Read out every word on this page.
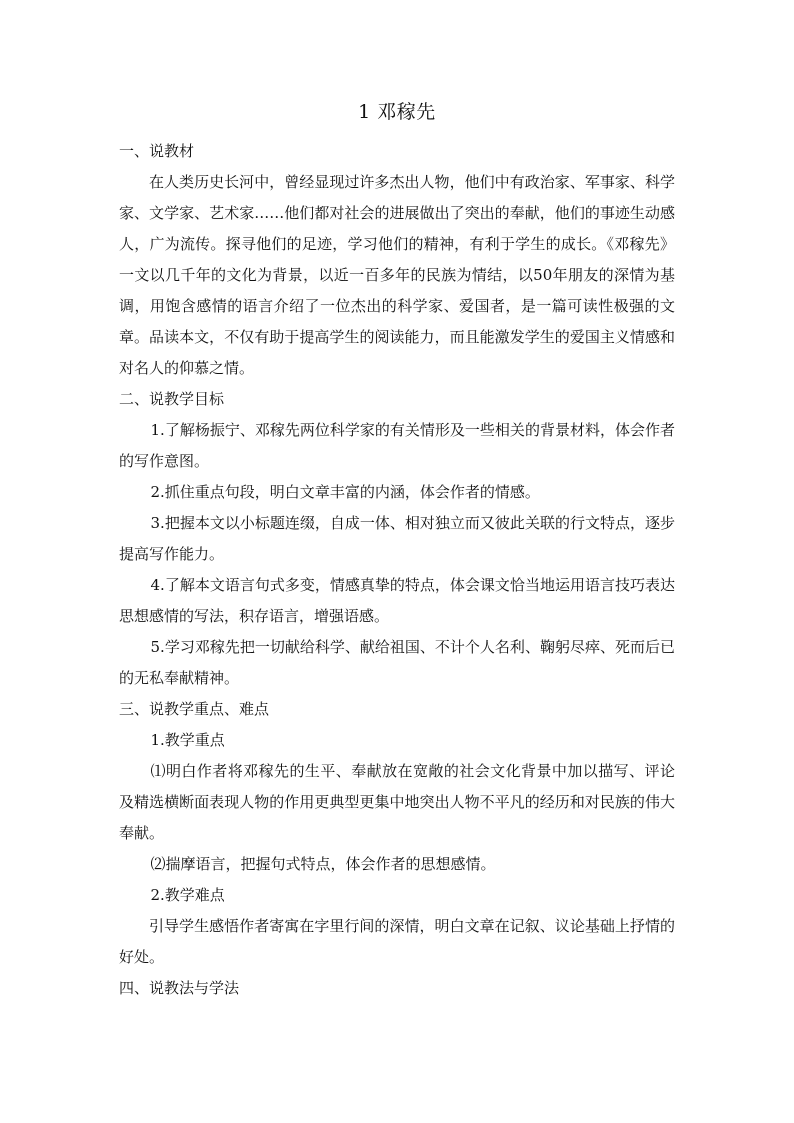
1 邓稼先

一、说教材

在人类历史长河中，曾经显现过许多杰出人物，他们中有政治家、军事家、科学家、文学家、艺术家……他们都对社会的进展做出了突出的奉献，他们的事迹生动感人，广为流传。探寻他们的足迹，学习他们的精神，有利于学生的成长。《邓稼先》一文以几千年的文化为背景，以近一百多年的民族为情结，以50年朋友的深情为基调，用饱含感情的语言介绍了一位杰出的科学家、爱国者，是一篇可读性极强的文章。品读本文，不仅有助于提高学生的阅读能力，而且能激发学生的爱国主义情感和对名人的仰慕之情。

二、说教学目标

1.了解杨振宁、邓稼先两位科学家的有关情形及一些相关的背景材料，体会作者的写作意图。

2.抓住重点句段，明白文章丰富的内涵，体会作者的情感。

3.把握本文以小标题连缀，自成一体、相对独立而又彼此关联的行文特点，逐步提高写作能力。

4.了解本文语言句式多变，情感真挚的特点，体会课文恰当地运用语言技巧表达思想感情的写法，积存语言，增强语感。

5.学习邓稼先把一切献给科学、献给祖国、不计个人名利、鞠躬尽瘁、死而后已的无私奉献精神。

三、说教学重点、难点

1.教学重点

⑴明白作者将邓稼先的生平、奉献放在宽敞的社会文化背景中加以描写、评论及精选横断面表现人物的作用更典型更集中地突出人物不平凡的经历和对民族的伟大奉献。

⑵揣摩语言，把握句式特点，体会作者的思想感情。

2.教学难点

引导学生感悟作者寄寓在字里行间的深情，明白文章在记叙、议论基础上抒情的好处。

四、说教法与学法
